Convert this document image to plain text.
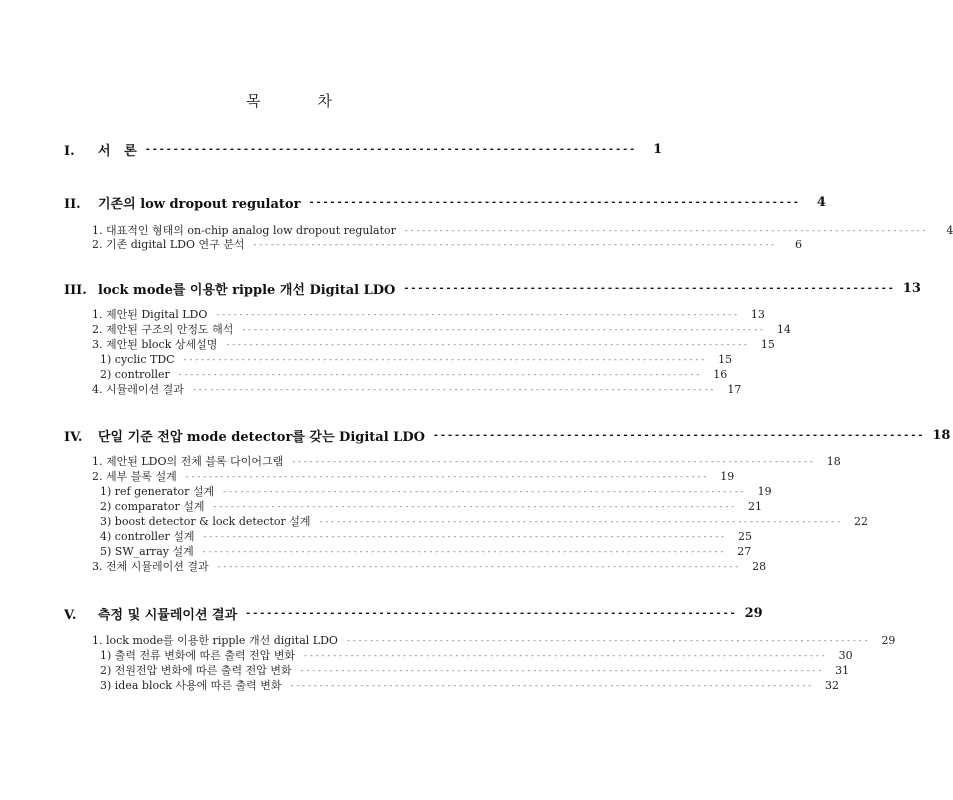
목 차
I. 서   론 ----------------------------------------------------------------------	1
II. 기존의 low dropout regulator ----------------------------------------------------------------------	4
1. 대표적인 형태의 on-chip analog low dropout regulator ------------------------------------------------------------------------------------------	4
2. 기존 digital LDO 연구 분석 ------------------------------------------------------------------------------------------	6
III. lock mode를 이용한 ripple 개선 Digital LDO ---------------------------------------------------------------------- 13
1. 제안된 Digital LDO ------------------------------------------------------------------------------------------	13
2. 제안된 구조의 안정도 해석 ------------------------------------------------------------------------------------------	14
3. 제안된 block 상세설명 ------------------------------------------------------------------------------------------	15
1) cyclic TDC ------------------------------------------------------------------------------------------	15
2) controller ------------------------------------------------------------------------------------------	16
4. 시뮬레이션 결과 ------------------------------------------------------------------------------------------	17
IV. 단일 기준 전압 mode detector를 갖는 Digital LDO ---------------------------------------------------------------------- 18
1. 제안된 LDO의 전체 블록 다이어그램 ------------------------------------------------------------------------------------------	18
2. 세부 블록 설계 ------------------------------------------------------------------------------------------	19
1) ref generator 설계 ------------------------------------------------------------------------------------------	19
2) comparator 설계 ------------------------------------------------------------------------------------------	21
3) boost detector & lock detector 설계 ------------------------------------------------------------------------------------------	22
4) controller 설계 ------------------------------------------------------------------------------------------	25
5) SW_array 설계 ------------------------------------------------------------------------------------------	27
3. 전체 시뮬레이션 결과 ------------------------------------------------------------------------------------------	28
V. 측정 및 시뮬레이션 결과 ---------------------------------------------------------------------- 29
1. lock mode를 이용한 ripple 개선 digital LDO ------------------------------------------------------------------------------------------	29
1) 출력 전류 변화에 따른 출력 전압 변화 ------------------------------------------------------------------------------------------	30
2) 전원전압 변화에 따른 출력 전압 변화 ------------------------------------------------------------------------------------------	31
3) idea block 사용에 따른 출력 변화 ------------------------------------------------------------------------------------------	32
